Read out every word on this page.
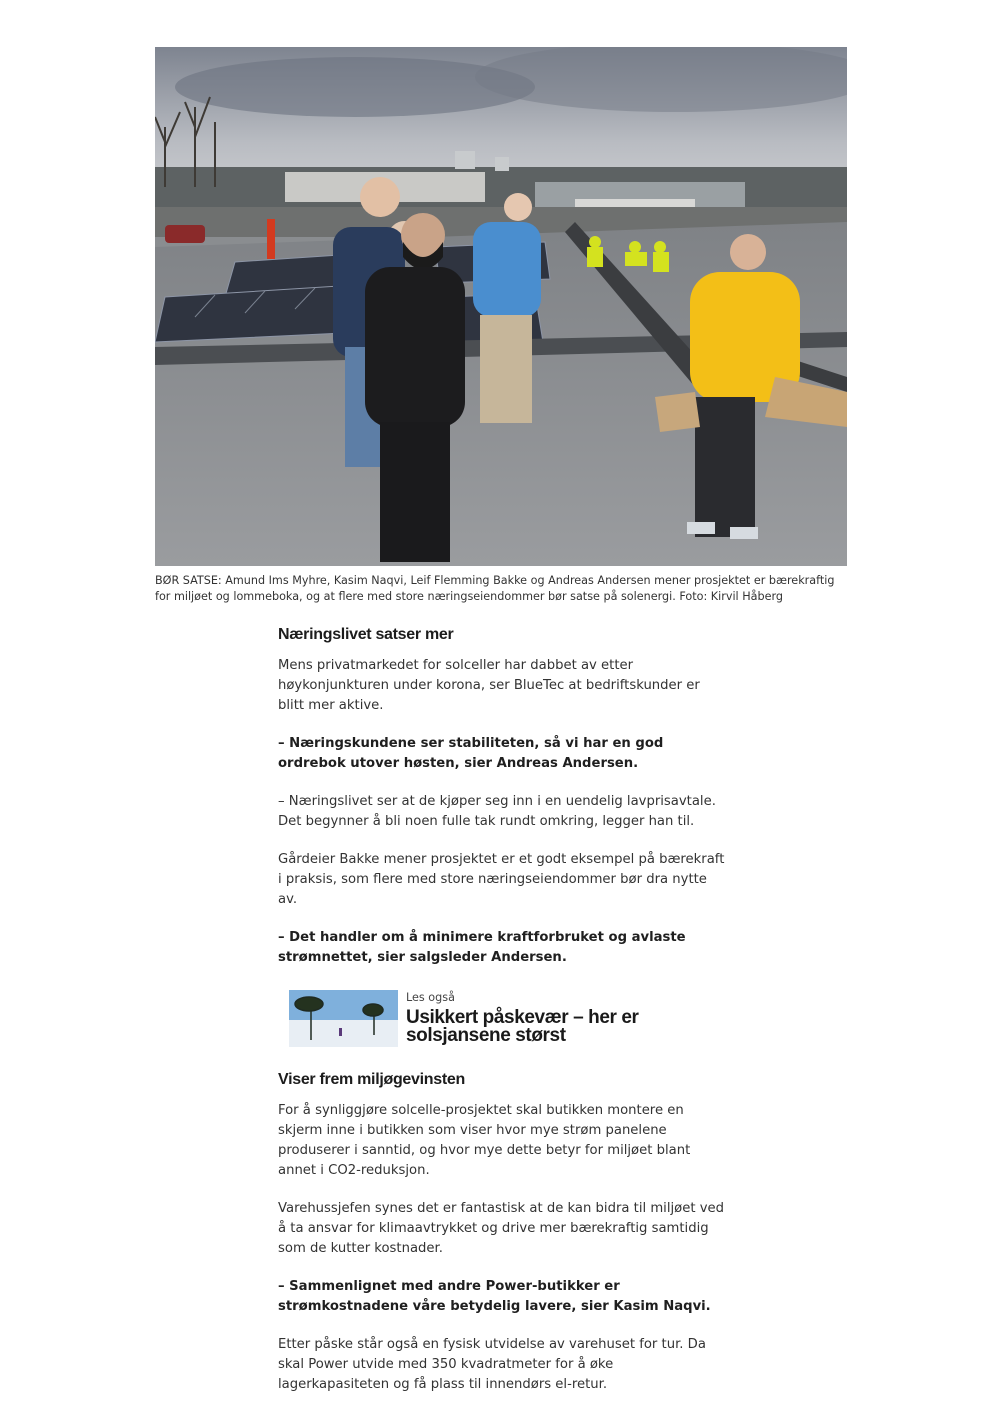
BØR SATSE: Amund Ims Myhre, Kasim Naqvi, Leif Flemming Bakke og Andreas Andersen mener prosjektet er bærekraftig for miljøet og lommeboka, og at flere med store næringseiendommer bør satse på solenergi. Foto: Kirvil Håberg
Næringslivet satser mer

Mens privatmarkedet for solceller har dabbet av etter høykonjunkturen under korona, ser BlueTec at bedriftskunder er blitt mer aktive.

– Næringskundene ser stabiliteten, så vi har en god ordrebok utover høsten, sier Andreas Andersen.

– Næringslivet ser at de kjøper seg inn i en uendelig lavprisavtale. Det begynner å bli noen fulle tak rundt omkring, legger han til.

Gårdeier Bakke mener prosjektet er et godt eksempel på bærekraft i praksis, som flere med store næringseiendommer bør dra nytte av.

– Det handler om å minimere kraftforbruket og avlaste strømnettet, sier salgsleder Andersen.

Les også
Usikkert påskevær – her er solsjansene størst
Viser frem miljøgevinsten

For å synliggjøre solcelle-prosjektet skal butikken montere en skjerm inne i butikken som viser hvor mye strøm panelene produserer i sanntid, og hvor mye dette betyr for miljøet blant annet i CO2-reduksjon.

Varehussjefen synes det er fantastisk at de kan bidra til miljøet ved å ta ansvar for klimaavtrykket og drive mer bærekraftig samtidig som de kutter kostnader.

– Sammenlignet med andre Power-butikker er strømkostnadene våre betydelig lavere, sier Kasim Naqvi.

Etter påske står også en fysisk utvidelse av varehuset for tur. Da skal Power utvide med 350 kvadratmeter for å øke lagerkapasiteten og få plass til innendørs el-retur.
